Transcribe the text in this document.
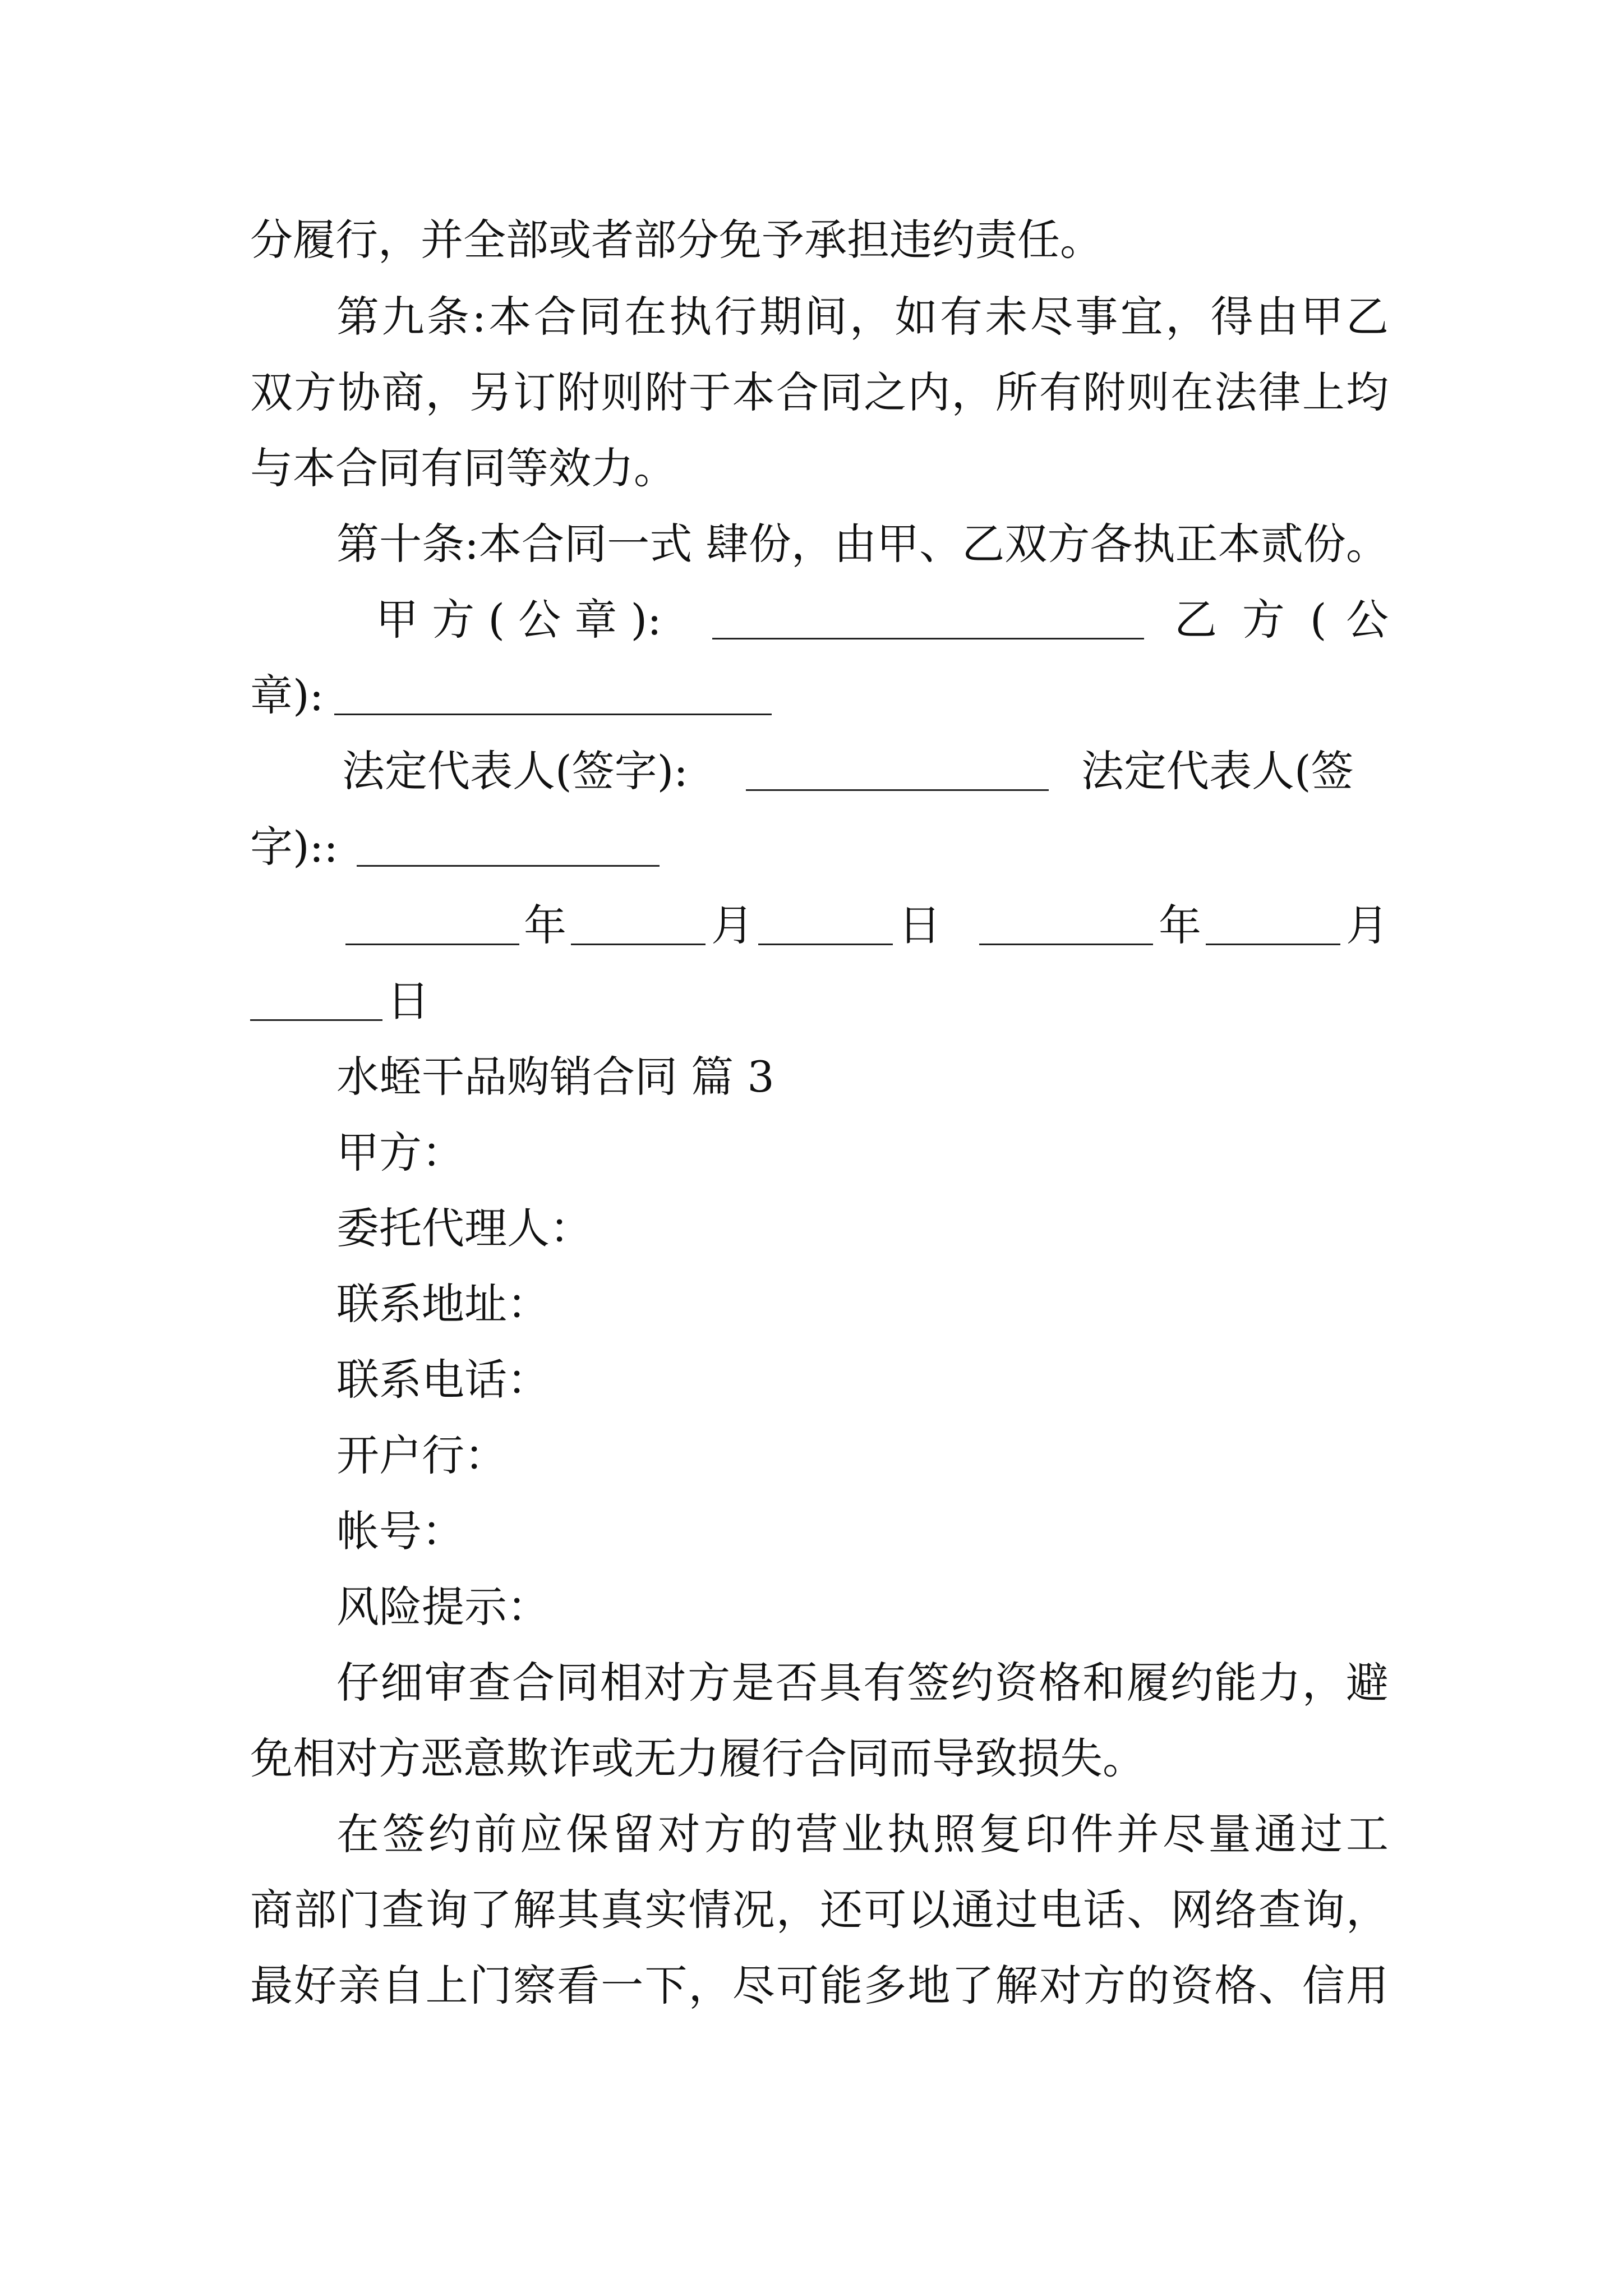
分履行，并全部或者部分免予承担违约责任。
第九条:本合同在执行期间，如有未尽事宜，得由甲乙
双方协商，另订附则附于本合同之内，所有附则在法律上均
与本合同有同等效力。
第十条:本合同一式 肆份，由甲、乙双方各执正本贰份。
甲 方 ( 公 章 ):	乙 方 ( 公
章):
法定代表人(签字):	法定代表人(签
字)::
年	月	日	年	月
日
水蛭干品购销合同 篇 3
甲方：
委托代理人：
联系地址：
联系电话：
开户行：
帐号：
风险提示：
仔细审查合同相对方是否具有签约资格和履约能力，避
免相对方恶意欺诈或无力履行合同而导致损失。
在签约前应保留对方的营业执照复印件并尽量通过工
商部门查询了解其真实情况，还可以通过电话、网络查询，
最好亲自上门察看一下，尽可能多地了解对方的资格、信用
